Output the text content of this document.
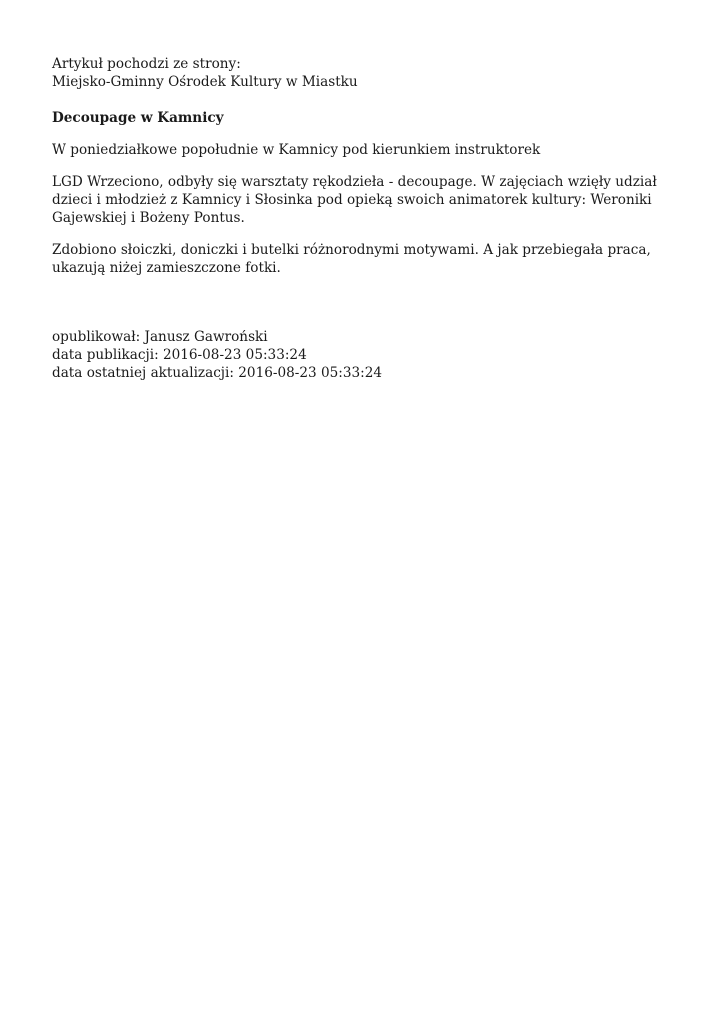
Artykuł pochodzi ze strony:

Miejsko-Gminny Ośrodek Kultury w Miastku

Decoupage w Kamnicy

W poniedziałkowe popołudnie w Kamnicy pod kierunkiem instruktorek

LGD Wrzeciono, odbyły się warsztaty rękodzieła - decoupage. W zajęciach wzięły udział dzieci i młodzież z Kamnicy i Słosinka pod opieką swoich animatorek kultury: Weroniki Gajewskiej i Bożeny Pontus.

Zdobiono słoiczki, doniczki i butelki różnorodnymi motywami. A jak przebiegała praca, ukazują niżej zamieszczone fotki.

opublikował: Janusz Gawroński

data publikacji: 2016-08-23 05:33:24

data ostatniej aktualizacji: 2016-08-23 05:33:24
